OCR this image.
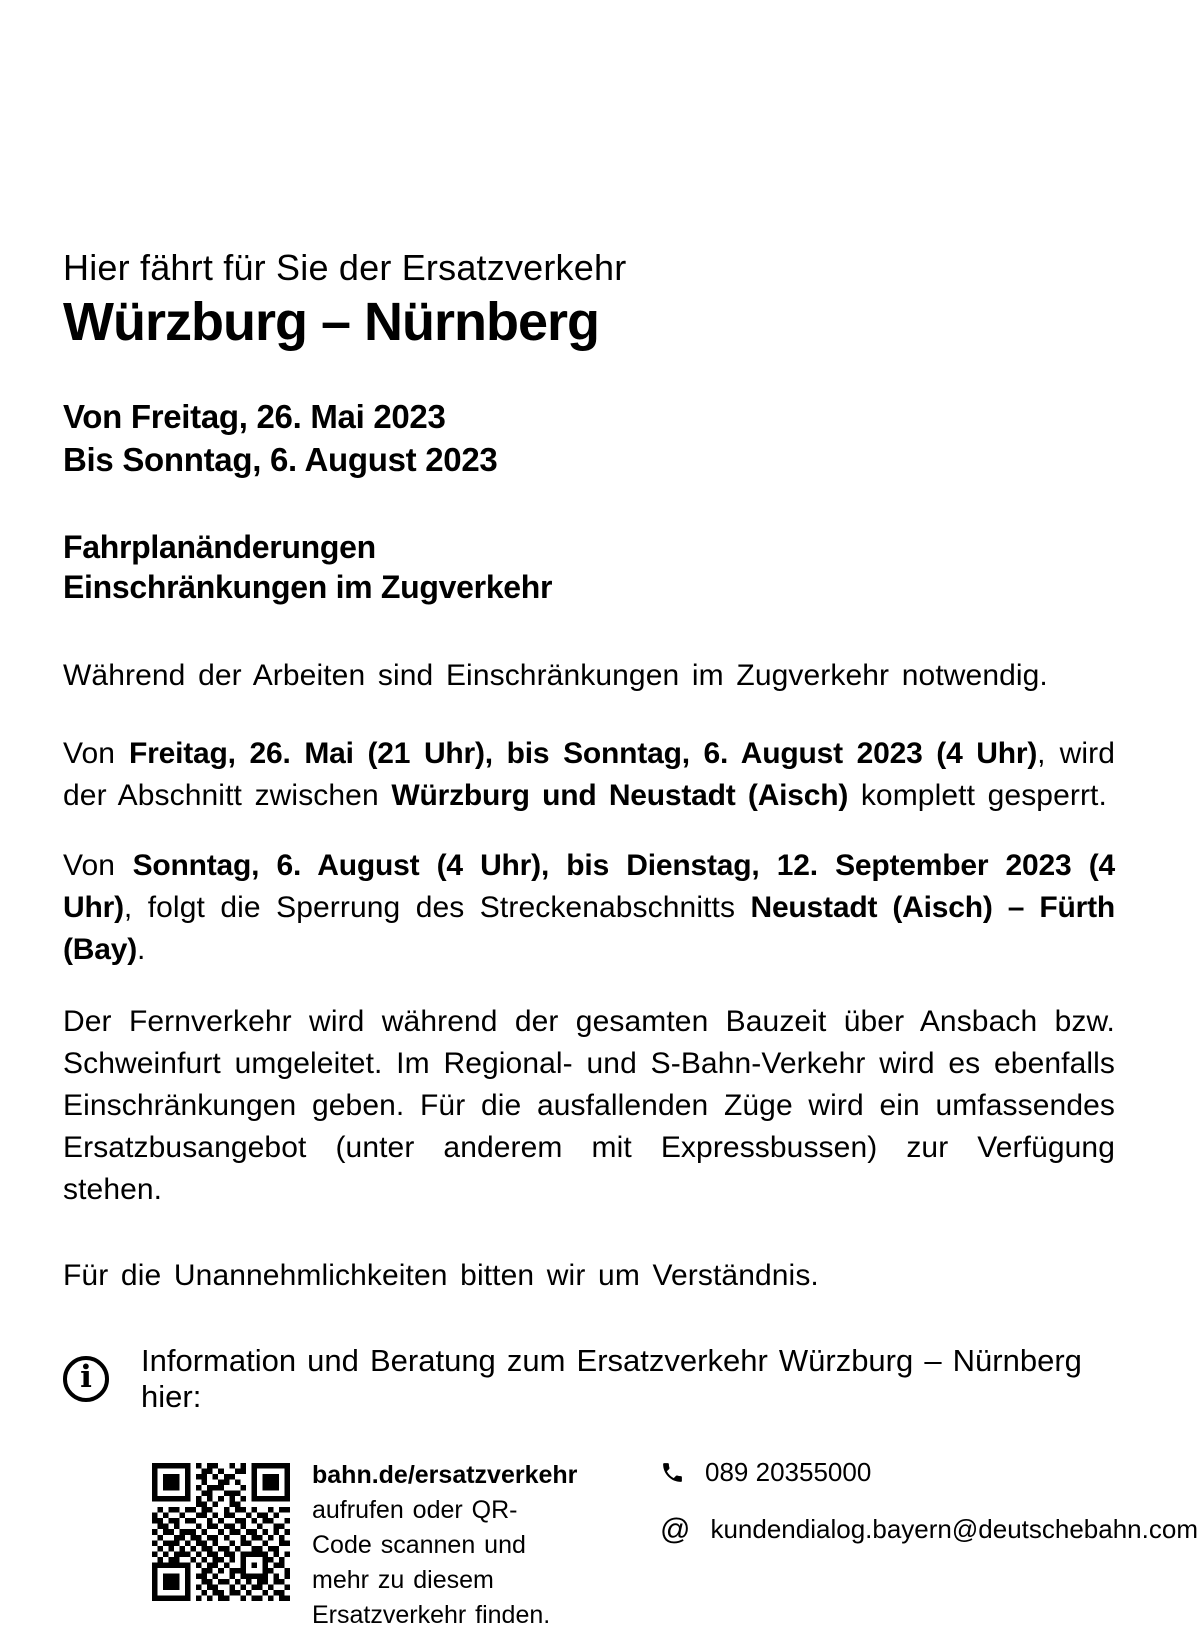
Hier fährt für Sie der Ersatzverkehr
Würzburg – Nürnberg
Von Freitag, 26. Mai 2023
Bis Sonntag, 6. August 2023
Fahrplanänderungen
Einschränkungen im Zugverkehr

Während der Arbeiten sind Einschränkungen im Zugverkehr notwendig.

Von Freitag, 26. Mai (21 Uhr), bis Sonntag, 6. August 2023 (4 Uhr), wird der Abschnitt zwischen Würzburg und Neustadt (Aisch) komplett gesperrt.

Von Sonntag, 6. August (4 Uhr), bis Dienstag, 12. September 2023 (4 Uhr), folgt die Sperrung des Streckenabschnitts Neustadt (Aisch) – Fürth (Bay).

Der Fernverkehr wird während der gesamten Bauzeit über Ansbach bzw. Schweinfurt umgeleitet. Im Regional- und S-Bahn-Verkehr wird es ebenfalls Einschränkungen geben. Für die ausfallenden Züge wird ein umfassendes Ersatzbusangebot (unter anderem mit Expressbussen) zur Verfügung stehen.

Für die Unannehmlichkeiten bitten wir um Verständnis.

i	Information und Beratung zum Ersatzverkehr Würzburg – Nürnberg hier:

bahn.de/ersatzverkehr aufrufen oder QR-Code scannen und mehr zu diesem Ersatzverkehr finden.

089 20355000
@ kundendialog.bayern@deutschebahn.com
